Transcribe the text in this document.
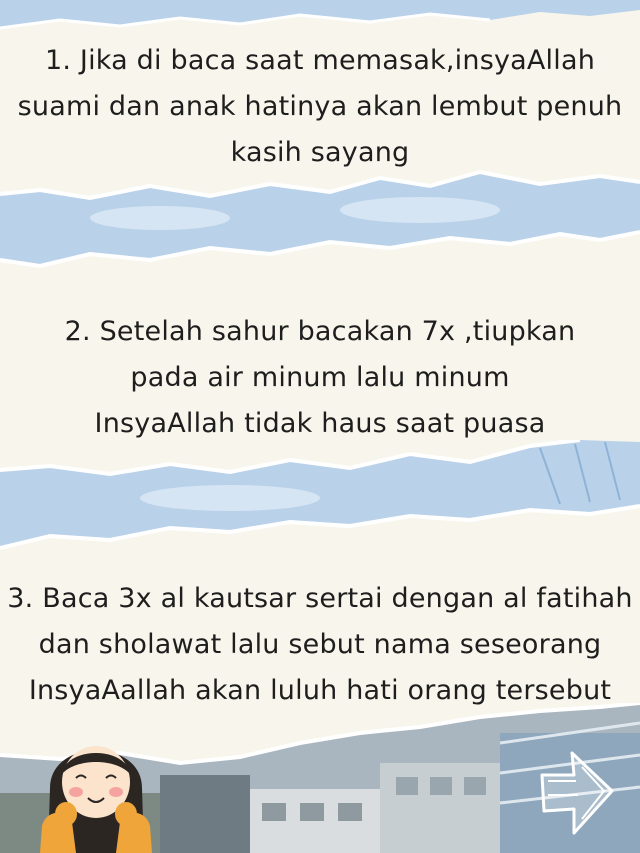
1. Jika di baca saat memasak,insyaAllah
suami dan anak hatinya akan lembut penuh
kasih sayang
2. Setelah sahur bacakan 7x ,tiupkan
pada air minum lalu minum
InsyaAllah tidak haus saat puasa
3. Baca 3x al kautsar sertai dengan al fatihah
dan sholawat lalu sebut nama seseorang
InsyaAallah akan luluh hati orang tersebut
